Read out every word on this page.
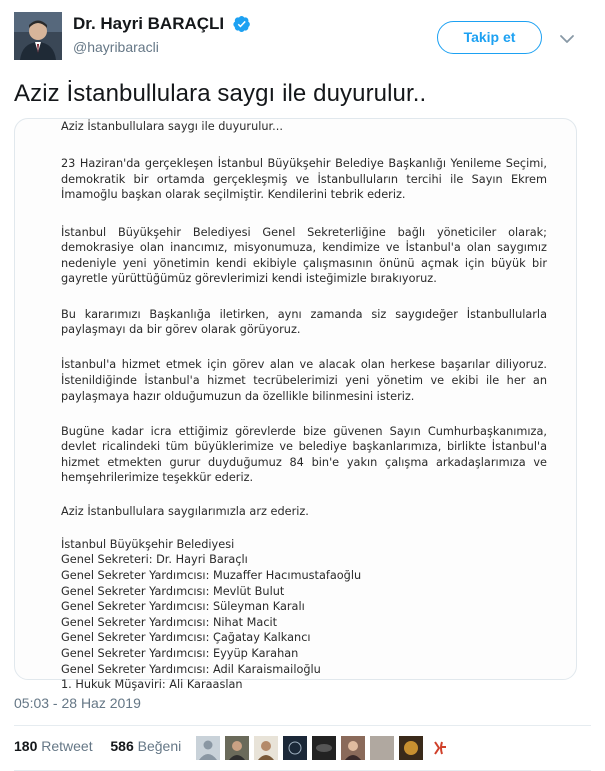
Dr. Hayri BARAÇLI
@hayribaracli
Takip et
Aziz İstanbullulara saygı ile duyurulur..

Aziz İstanbullulara saygı ile duyurulur...

23 Haziran'da gerçekleşen İstanbul Büyükşehir Belediye Başkanlığı Yenileme Seçimi, demokratik bir ortamda gerçekleşmiş ve İstanbulluların tercihi ile Sayın Ekrem İmamoğlu başkan olarak seçilmiştir. Kendilerini tebrik ederiz.

İstanbul Büyükşehir Belediyesi Genel Sekreterliğine bağlı yöneticiler olarak; demokrasiye olan inancımız, misyonumuza, kendimize ve İstanbul'a olan saygımız nedeniyle yeni yönetimin kendi ekibiyle çalışmasının önünü açmak için büyük bir gayretle yürüttüğümüz görevlerimizi kendi isteğimizle bırakıyoruz.

Bu kararımızı Başkanlığa iletirken, aynı zamanda siz saygıdeğer İstanbullularla paylaşmayı da bir görev olarak görüyoruz.

İstanbul'a hizmet etmek için görev alan ve alacak olan herkese başarılar diliyoruz. İstenildiğinde İstanbul'a hizmet tecrübelerimizi yeni yönetim ve ekibi ile her an paylaşmaya hazır olduğumuzun da özellikle bilinmesini isteriz.

Bugüne kadar icra ettiğimiz görevlerde bize güvenen Sayın Cumhurbaşkanımıza, devlet ricalindeki tüm büyüklerimize ve belediye başkanlarımıza, birlikte İstanbul'a hizmet etmekten gurur duyduğumuz 84 bin'e yakın çalışma arkadaşlarımıza ve hemşehrilerimize teşekkür ederiz.

Aziz İstanbullulara saygılarımızla arz ederiz.

İstanbul Büyükşehir Belediyesi

Genel Sekreteri: Dr. Hayri Baraçlı

Genel Sekreter Yardımcısı: Muzaffer Hacımustafaoğlu

Genel Sekreter Yardımcısı: Mevlüt Bulut

Genel Sekreter Yardımcısı: Süleyman Karalı

Genel Sekreter Yardımcısı: Nihat Macit

Genel Sekreter Yardımcısı: Çağatay Kalkancı

Genel Sekreter Yardımcısı: Eyyüp Karahan

Genel Sekreter Yardımcısı: Adil Karaismailoğlu

1. Hukuk Müşaviri: Ali Karaaslan

05:03 - 28 Haz 2019
180 Retweet 586 Beğeni
